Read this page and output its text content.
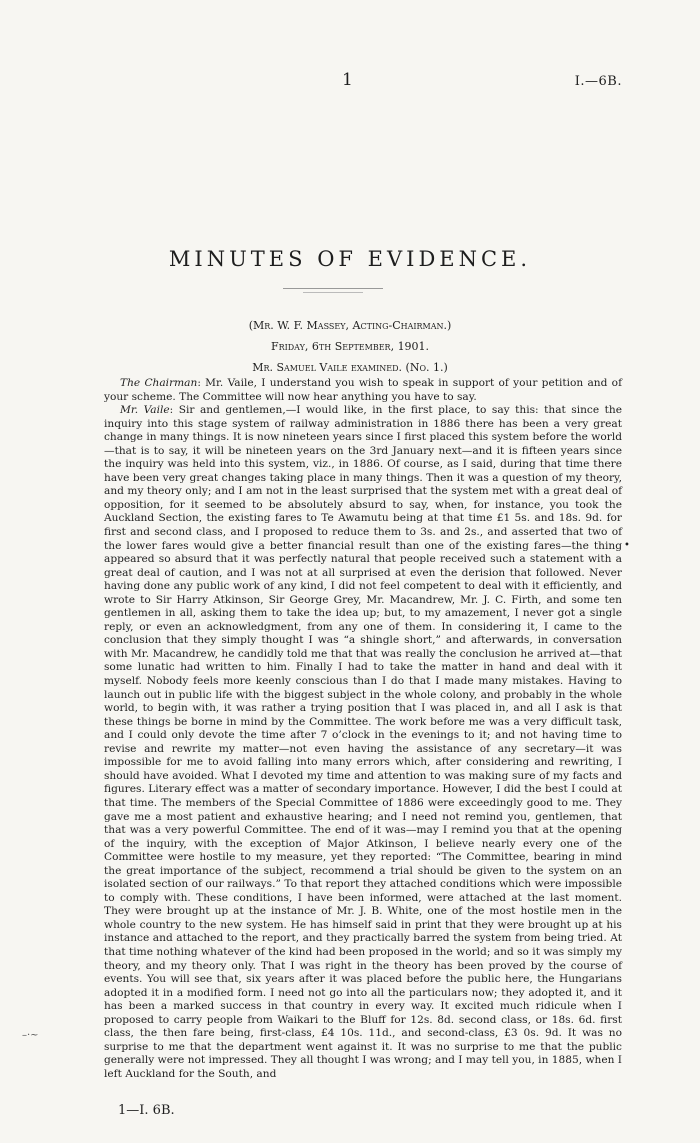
1	I.—6B.
MINUTES OF EVIDENCE.
(Mr. W. F. Massey, Acting-Chairman.)
Friday, 6th September, 1901.
Mr. Samuel Vaile examined. (No. 1.)

The Chairman: Mr. Vaile, I understand you wish to speak in support of your petition and of your scheme. The Committee will now hear anything you have to say.

Mr. Vaile: Sir and gentlemen,—I would like, in the first place, to say this: that since the inquiry into this stage system of railway administration in 1886 there has been a very great change in many things. It is now nineteen years since I first placed this system before the world—that is to say, it will be nineteen years on the 3rd January next—and it is fifteen years since the inquiry was held into this system, viz., in 1886. Of course, as I said, during that time there have been very great changes taking place in many things. Then it was a question of my theory, and my theory only; and I am not in the least surprised that the system met with a great deal of opposition, for it seemed to be absolutely absurd to say, when, for instance, you took the Auckland Section, the existing fares to Te Awamutu being at that time £1 5s. and 18s. 9d. for first and second class, and I proposed to reduce them to 3s. and 2s., and asserted that two of the lower fares would give a better financial result than one of the existing fares—the thing appeared so absurd that it was perfectly natural that people received such a statement with a great deal of caution, and I was not at all surprised at even the derision that followed. Never having done any public work of any kind, I did not feel competent to deal with it efficiently, and wrote to Sir Harry Atkinson, Sir George Grey, Mr. Macandrew, Mr. J. C. Firth, and some ten gentlemen in all, asking them to take the idea up; but, to my amazement, I never got a single reply, or even an acknowledgment, from any one of them. In considering it, I came to the conclusion that they simply thought I was “a shingle short,” and afterwards, in conversation with Mr. Macandrew, he candidly told me that that was really the conclusion he arrived at—that some lunatic had written to him. Finally I had to take the matter in hand and deal with it myself. Nobody feels more keenly conscious than I do that I made many mistakes. Having to launch out in public life with the biggest subject in the whole colony, and probably in the whole world, to begin with, it was rather a trying position that I was placed in, and all I ask is that these things be borne in mind by the Committee. The work before me was a very difficult task, and I could only devote the time after 7 o’clock in the evenings to it; and not having time to revise and rewrite my matter—not even having the assistance of any secretary—it was impossible for me to avoid falling into many errors which, after considering and rewriting, I should have avoided. What I devoted my time and attention to was making sure of my facts and figures. Literary effect was a matter of secondary importance. However, I did the best I could at that time. The members of the Special Committee of 1886 were exceedingly good to me. They gave me a most patient and exhaustive hearing; and I need not remind you, gentlemen, that that was a very powerful Committee. The end of it was—may I remind you that at the opening of the inquiry, with the exception of Major Atkinson, I believe nearly every one of the Committee were hostile to my measure, yet they reported: “The Committee, bearing in mind the great importance of the subject, recommend a trial should be given to the system on an isolated section of our railways.” To that report they attached conditions which were impossible to comply with. These conditions, I have been informed, were attached at the last moment. They were brought up at the instance of Mr. J. B. White, one of the most hostile men in the whole country to the new system. He has himself said in print that they were brought up at his instance and attached to the report, and they practically barred the system from being tried. At that time nothing whatever of the kind had been proposed in the world; and so it was simply my theory, and my theory only. That I was right in the theory has been proved by the course of events. You will see that, six years after it was placed before the public here, the Hungarians adopted it in a modified form. I need not go into all the particulars now; they adopted it, and it has been a marked success in that country in every way. It excited much ridicule when I proposed to carry people from Waikari to the Bluff for 12s. 8d. second class, or 18s. 6d. first class, the then fare being, first-class, £4 10s. 11d., and second-class, £3 0s. 9d. It was no surprise to me that the department went against it. It was no surprise to me that the public generally were not impressed. They all thought I was wrong; and I may tell you, in 1885, when I left Auckland for the South, and

•
–·~
1—I. 6B.
